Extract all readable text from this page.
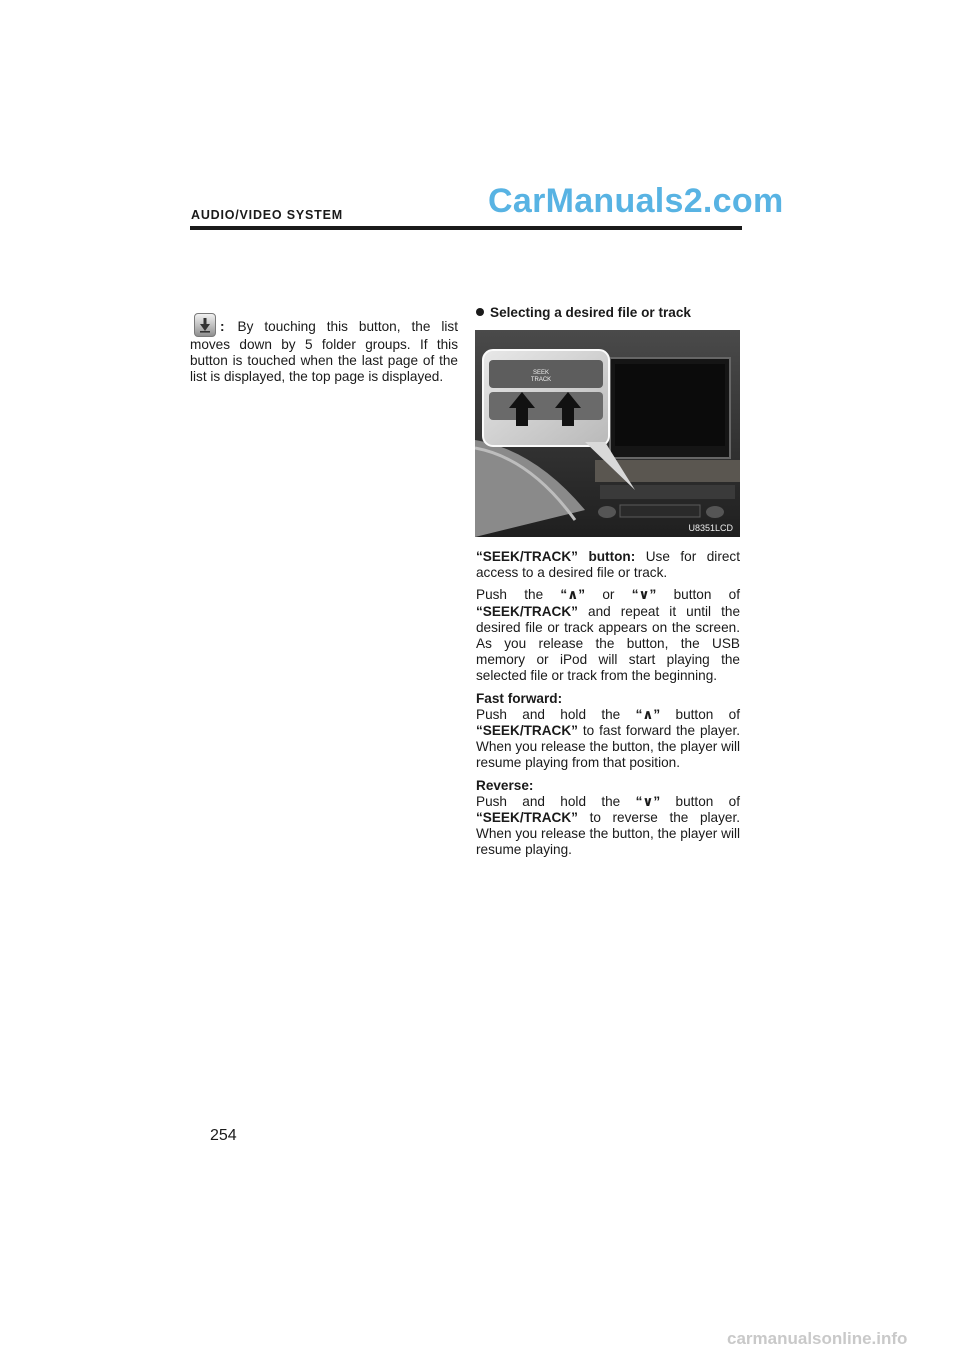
AUDIO/VIDEO SYSTEM	CarManuals2.com

: By touching this button, the list moves down by 5 folder groups. If this button is touched when the last page of the list is displayed, the top page is displayed.

Selecting a desired file or track
SEEK
TRACK
U8351LCD

“SEEK/TRACK” button: Use for direct access to a desired file or track.

Push the “∧” or “∨” button of “SEEK/TRACK” and repeat it until the desired file or track appears on the screen. As you release the button, the USB memory or iPod will start playing the selected file or track from the beginning.

Fast forward:
Push and hold the “∧” button of “SEEK/TRACK” to fast forward the player. When you release the button, the player will resume playing from that position.

Reverse:
Push and hold the “∨” button of “SEEK/TRACK” to reverse the player. When you release the button, the player will resume playing.

254
carmanualsonline.info
